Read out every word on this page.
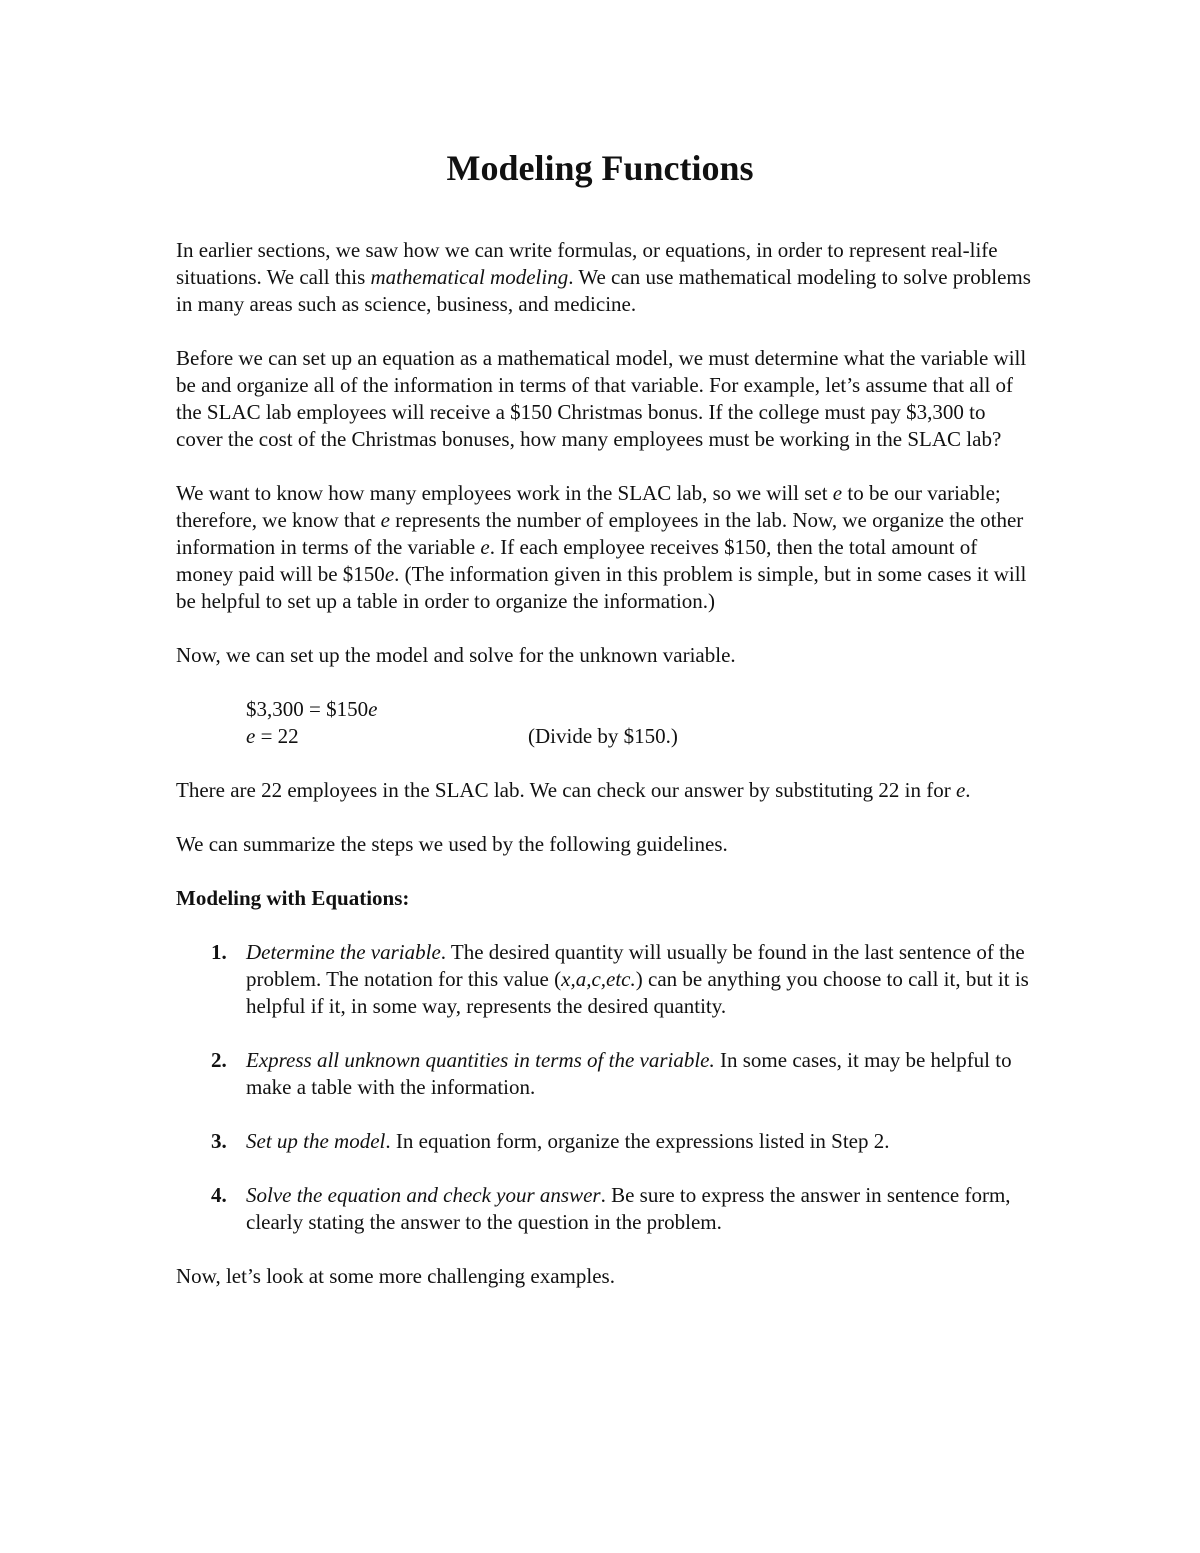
Modeling Functions

In earlier sections, we saw how we can write formulas, or equations, in order to represent real-life situations. We call this mathematical modeling. We can use mathematical modeling to solve problems in many areas such as science, business, and medicine.

Before we can set up an equation as a mathematical model, we must determine what the variable will be and organize all of the information in terms of that variable. For example, let’s assume that all of the SLAC lab employees will receive a $150 Christmas bonus. If the college must pay $3,300 to cover the cost of the Christmas bonuses, how many employees must be working in the SLAC lab?

We want to know how many employees work in the SLAC lab, so we will set e to be our variable; therefore, we know that e represents the number of employees in the lab. Now, we organize the other information in terms of the variable e. If each employee receives $150, then the total amount of money paid will be $150e. (The information given in this problem is simple, but in some cases it will be helpful to set up a table in order to organize the information.)

Now, we can set up the model and solve for the unknown variable.

$3,300 = $150e
e = 22	(Divide by $150.)

There are 22 employees in the SLAC lab. We can check our answer by substituting 22 in for e.

We can summarize the steps we used by the following guidelines.

Modeling with Equations:

1. Determine the variable. The desired quantity will usually be found in the last sentence of the problem. The notation for this value (x,a,c,etc.) can be anything you choose to call it, but it is helpful if it, in some way, represents the desired quantity.
2. Express all unknown quantities in terms of the variable. In some cases, it may be helpful to make a table with the information.
3. Set up the model. In equation form, organize the expressions listed in Step 2.
4. Solve the equation and check your answer. Be sure to express the answer in sentence form, clearly stating the answer to the question in the problem.

Now, let’s look at some more challenging examples.
